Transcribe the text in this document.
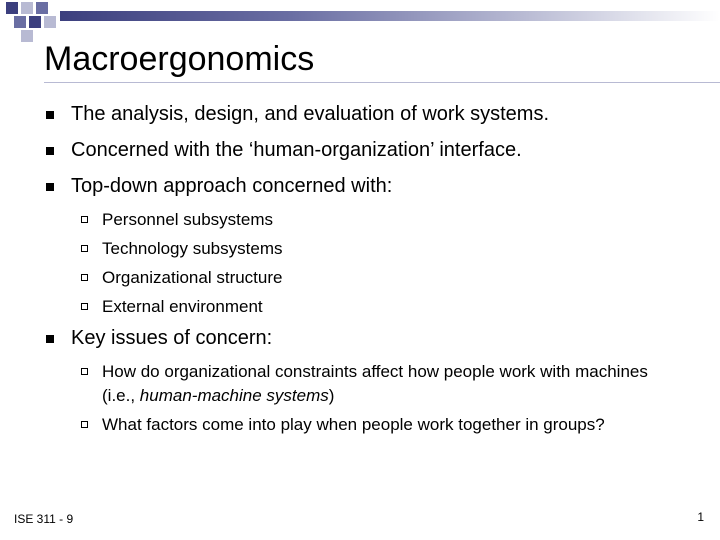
Macroergonomics
The analysis, design, and evaluation of work systems.
Concerned with the ‘human-organization’ interface.
Top-down approach concerned with:
Personnel subsystems
Technology subsystems
Organizational structure
External environment
Key issues of concern:
How do organizational constraints affect how people work with machines (i.e., human-machine systems)
What factors come into play when people work together in groups?
ISE 311 - 9	1
